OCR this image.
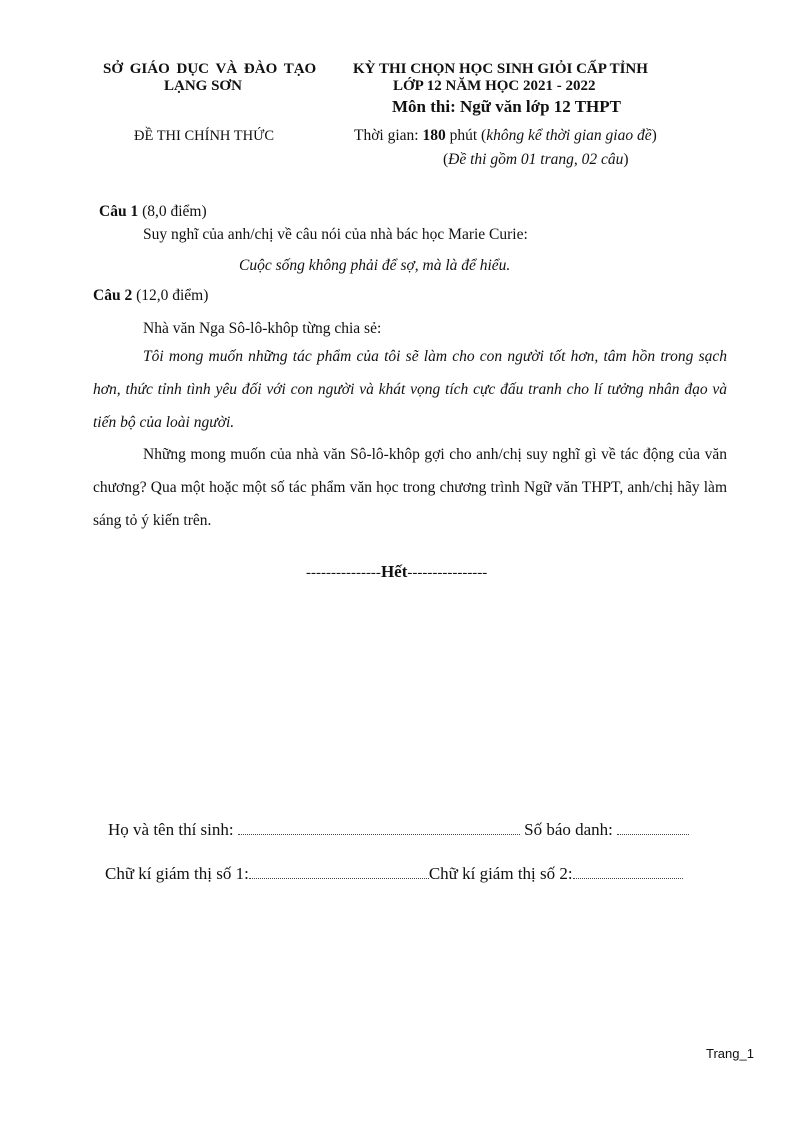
SỞ GIÁO DỤC VÀ ĐÀO TẠO
LẠNG SƠN
ĐỀ THI CHÍNH THỨC
KỲ THI CHỌN HỌC SINH GIỎI CẤP TỈNH
LỚP 12 NĂM HỌC 2021 - 2022
Môn thi: Ngữ văn lớp 12 THPT
Thời gian: 180 phút (không kể thời gian giao đề)
(Đề thi gồm 01 trang, 02 câu)
Câu 1 (8,0 điểm)
Suy nghĩ của anh/chị về câu nói của nhà bác học Marie Curie:
Cuộc sống không phải để sợ, mà là để hiểu.
Câu 2 (12,0 điểm)
Nhà văn Nga Sô-lô-khôp từng chia sẻ:
Tôi mong muốn những tác phẩm của tôi sẽ làm cho con người tốt hơn, tâm hồn trong sạch hơn, thức tỉnh tình yêu đối với con người và khát vọng tích cực đấu tranh cho lí tưởng nhân đạo và tiến bộ của loài người.
Những mong muốn của nhà văn Sô-lô-khôp gợi cho anh/chị suy nghĩ gì về tác động của văn chương? Qua một hoặc một số tác phẩm văn học trong chương trình Ngữ văn THPT, anh/chị hãy làm sáng tỏ ý kiến trên.
---------------Hết----------------
Họ và tên thí sinh:	Số báo danh:
Chữ kí giám thị số 1:	Chữ kí giám thị số 2:
Trang_1
